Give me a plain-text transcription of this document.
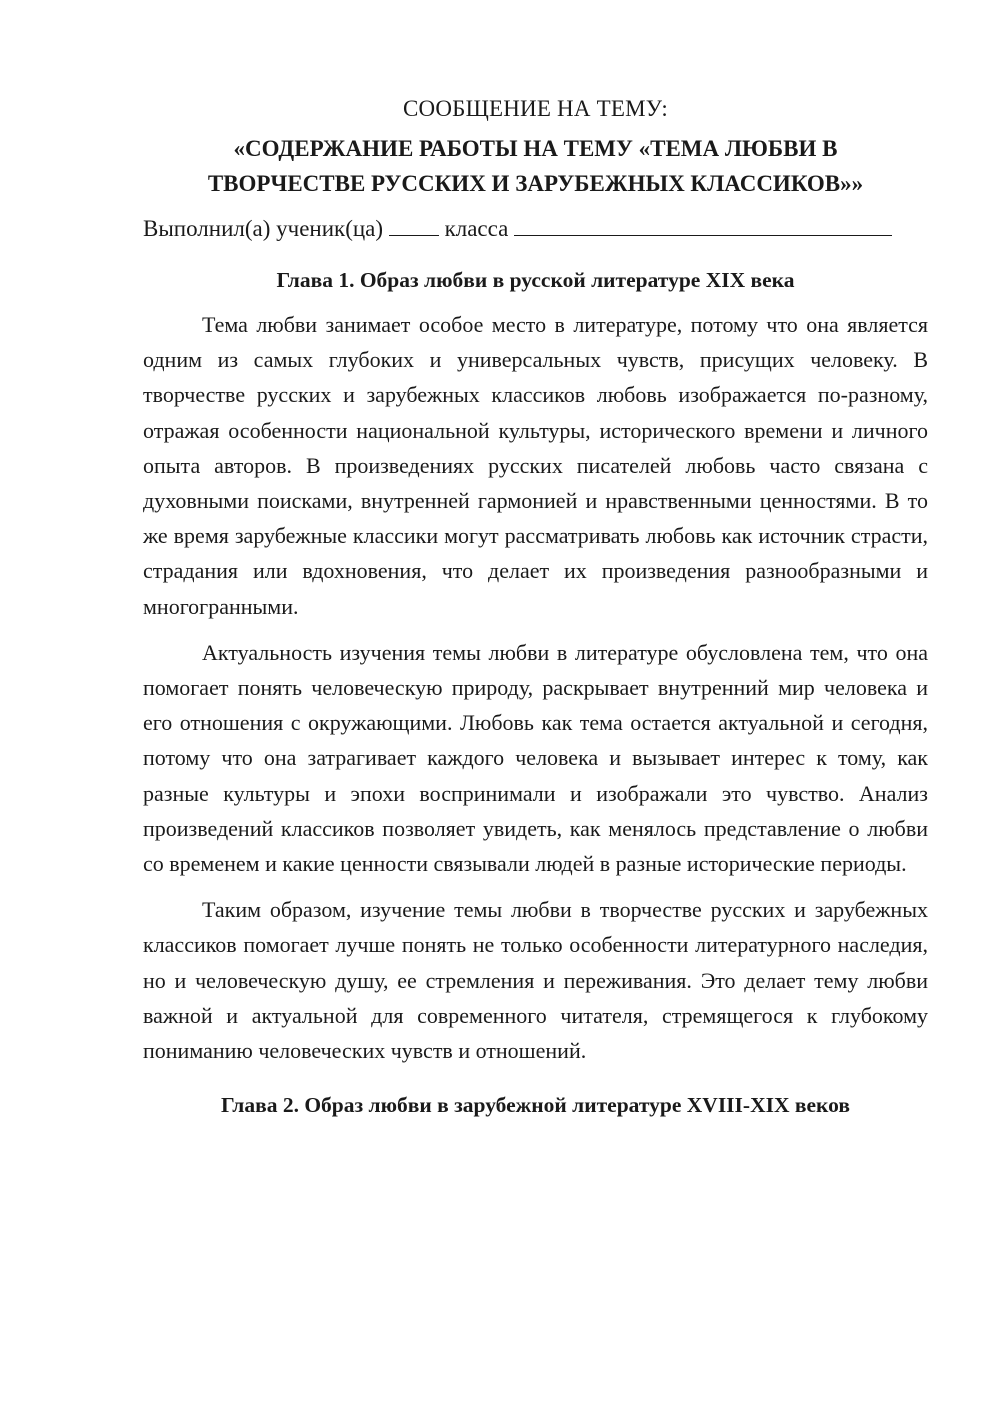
СООБЩЕНИЕ НА ТЕМУ:

«СОДЕРЖАНИЕ РАБОТЫ НА ТЕМУ «ТЕМА ЛЮБВИ В
ТВОРЧЕСТВЕ РУССКИХ И ЗАРУБЕЖНЫХ КЛАССИКОВ»»
Выполнил(а) ученик(ца)	класса
Глава 1. Образ любви в русской литературе XIX века

Тема любви занимает особое место в литературе, потому что она является одним из самых глубоких и универсальных чувств, присущих человеку. В творчестве русских и зарубежных классиков любовь изображается по-разному, отражая особенности национальной культуры, исторического времени и личного опыта авторов. В произведениях русских писателей любовь часто связана с духовными поисками, внутренней гармонией и нравственными ценностями. В то же время зарубежные классики могут рассматривать любовь как источник страсти, страдания или вдохновения, что делает их произведения разнообразными и многогранными.

Актуальность изучения темы любви в литературе обусловлена тем, что она помогает понять человеческую природу, раскрывает внутренний мир человека и его отношения с окружающими. Любовь как тема остается актуальной и сегодня, потому что она затрагивает каждого человека и вызывает интерес к тому, как разные культуры и эпохи воспринимали и изображали это чувство. Анализ произведений классиков позволяет увидеть, как менялось представление о любви со временем и какие ценности связывали людей в разные исторические периоды.

Таким образом, изучение темы любви в творчестве русских и зарубежных классиков помогает лучше понять не только особенности литературного наследия, но и человеческую душу, ее стремления и переживания. Это делает тему любви важной и актуальной для современного читателя, стремящегося к глубокому пониманию человеческих чувств и отношений.

Глава 2. Образ любви в зарубежной литературе XVIII-XIX веков
